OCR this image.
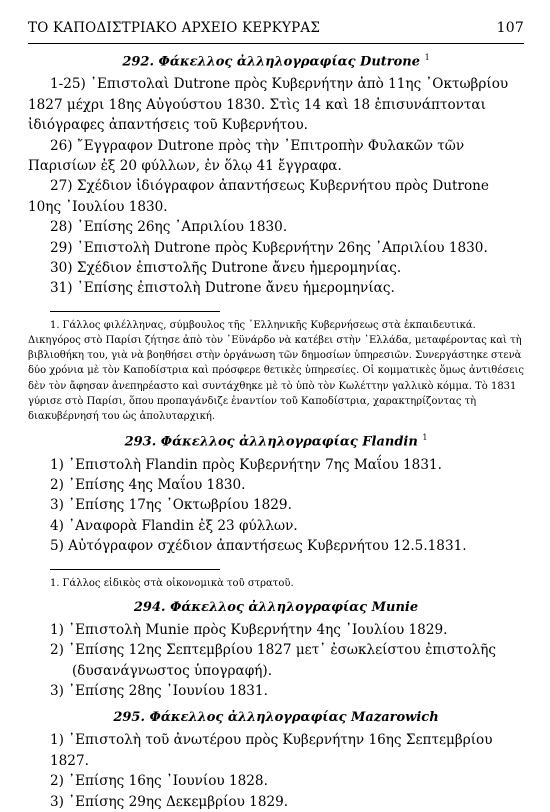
ΤΟ ΚΑΠΟΔΙΣΤΡΙΑΚΟ ΑΡΧΕΙΟ ΚΕΡΚΥΡΑΣ	107
292. Φάκελλος ἀλληλογραφίας Dutrone $^1$

1-25) ᾽Επιστολαὶ Dutrone πρὸς Κυβερνήτην ἀπὸ 11ης ᾽Οκτωβρίου 1827 μέχρι 18ης Αὐγούστου 1830. Στὶς 14 καὶ 18 ἐπισυνάπτονται ἰδιόγραφες ἀπαντήσεις τοῦ Κυβερνήτου.

26) ῎Εγγραφον Dutrone πρὸς τὴν ᾽Επιτροπὴν Φυλακῶν τῶν Παρισίων ἐξ 20 φύλλων, ἐν ὅλῳ 41 ἔγγραφα.

27) Σχέδιον ἰδιόγραφον ἀπαντήσεως Κυβερνήτου πρὸς Dutrone 10ης ᾽Ιουλίου 1830.

28) ᾽Επίσης 26ης ᾽Απριλίου 1830.

29) ᾽Επιστολὴ Dutrone πρὸς Κυβερνήτην 26ης ᾽Απριλίου 1830.

30) Σχέδιον ἐπιστολῆς Dutrone ἄνευ ἡμερομηνίας.

31) ᾽Επίσης ἐπιστολὴ Dutrone ἄνευ ἡμερομηνίας.

1. Γάλλος φιλέλληνας, σύμβουλος τῆς ᾽Ελληνικῆς Κυβερνήσεως στὰ ἐκπαιδευτικά. Δικηγόρος στὸ Παρίσι ζήτησε ἀπὸ τὸν ᾽Εϋνάρδο νὰ κατέβει στὴν ᾽Ελλάδα, μεταφέροντας καὶ τὴ βιβλιοθήκη του, γιὰ νὰ βοηθήσει στὴν ὀργάνωση τῶν δημοσίων ὑπηρεσιῶν. Συνεργάστηκε στενὰ δύο χρόνια μὲ τὸν Καποδίστρια καὶ πρόσφερε θετικὲς ὑπηρεσίες. Οἱ κομματικὲς ὅμως ἀντιθέσεις δὲν τὸν ἄφησαν ἀνεπηρέαστο καὶ συντάχθηκε μὲ τὸ ὑπὸ τὸν Κωλέττην γαλλικὸ κόμμα. Τὸ 1831 γύρισε στὸ Παρίσι, ὅπου προπαγάνδιζε ἐναντίον τοῦ Καποδίστρια, χαρακτηρίζοντας τὴ διακυβέρνησή του ὡς ἀπολυταρχική.

293. Φάκελλος ἀλληλογραφίας Flandin $^1$

1) ᾽Επιστολὴ Flandin πρὸς Κυβερνήτην 7ης Μαΐου 1831.

2) ᾽Επίσης 4ης Μαΐου 1830.

3) ᾽Επίσης 17ης ᾽Οκτωβρίου 1829.

4) ᾽Αναφορὰ Flandin ἐξ 23 φύλλων.

5) Αὐτόγραφον σχέδιον ἀπαντήσεως Κυβερνήτου 12.5.1831.

1. Γάλλος εἰδικὸς στὰ οἰκονομικὰ τοῦ στρατοῦ.

294. Φάκελλος ἀλληλογραφίας Munie

1) ᾽Επιστολὴ Munie πρὸς Κυβερνήτην 4ης ᾽Ιουλίου 1829.

2) ᾽Επίσης 12ης Σεπτεμβρίου 1827 μετ᾽ ἐσωκλείστου ἐπιστολῆς (δυσανάγνωστος ὑπογραφή).

3) ᾽Επίσης 28ης ᾽Ιουνίου 1831.

295. Φάκελλος ἀλληλογραφίας Mazarowich

1) ᾽Επιστολὴ τοῦ ἀνωτέρου πρὸς Κυβερνήτην 16ης Σεπτεμβρίου 1827.

2) ᾽Επίσης 16ης ᾽Ιουνίου 1828.

3) ᾽Επίσης 29ης Δεκεμβρίου 1829.
